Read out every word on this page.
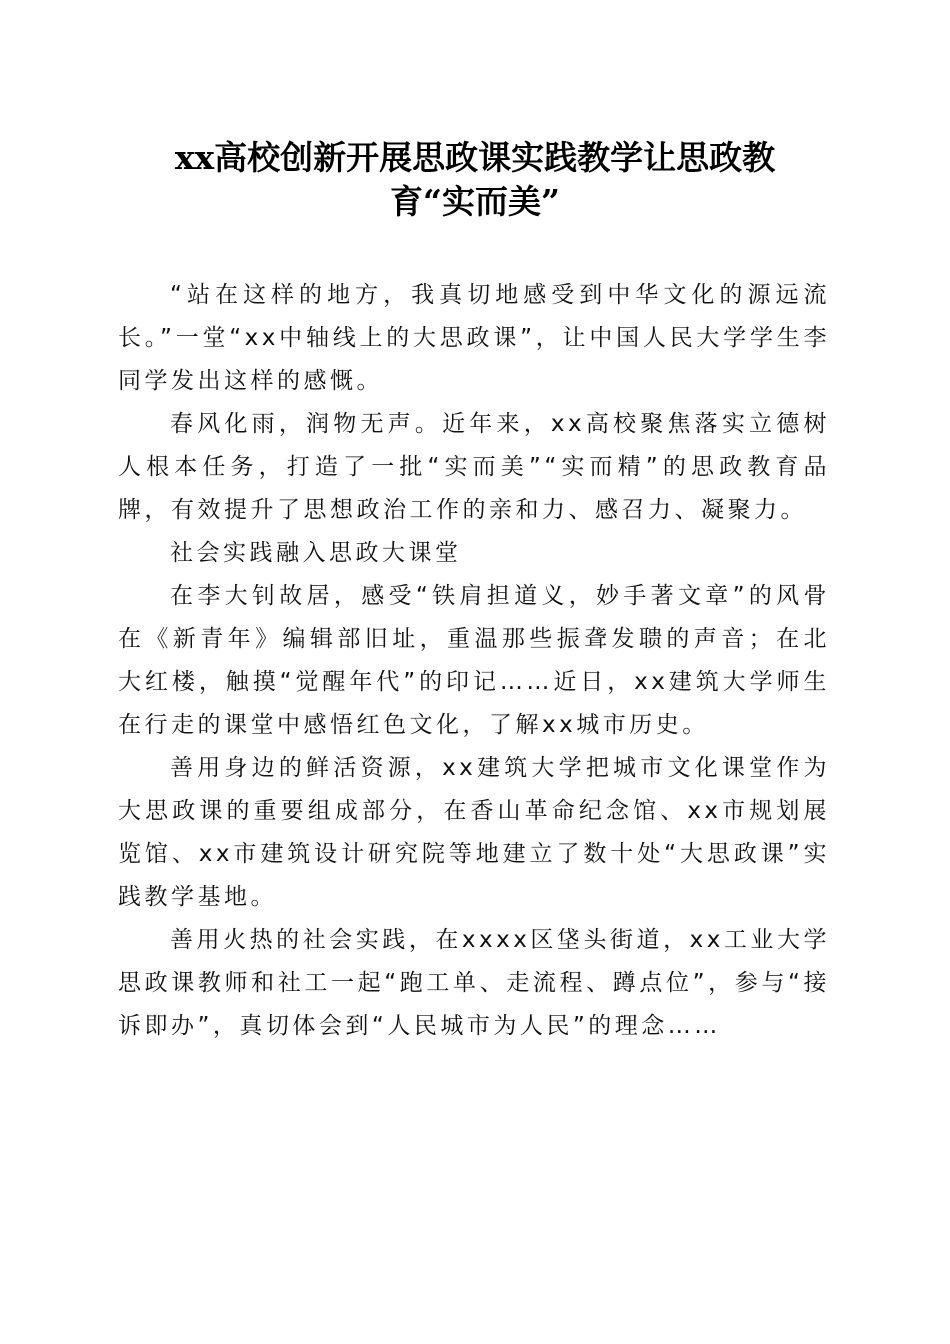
xx高校创新开展思政课实践教学让思政教
育“实而美”

“站在这样的地方，我真切地感受到中华文化的源远流长。”一堂“xx中轴线上的大思政课”，让中国人民大学学生李同学发出这样的感慨。

春风化雨，润物无声。近年来，xx高校聚焦落实立德树人根本任务，打造了一批“实而美”“实而精”的思政教育品牌，有效提升了思想政治工作的亲和力、感召力、凝聚力。

社会实践融入思政大课堂

在李大钊故居，感受“铁肩担道义，妙手著文章”的风骨在《新青年》编辑部旧址，重温那些振聋发聩的声音；在北大红楼，触摸“觉醒年代”的印记……近日，xx建筑大学师生在行走的课堂中感悟红色文化，了解xx城市历史。

善用身边的鲜活资源，xx建筑大学把城市文化课堂作为大思政课的重要组成部分，在香山革命纪念馆、xx市规划展览馆、xx市建筑设计研究院等地建立了数十处“大思政课”实践教学基地。

善用火热的社会实践，在xxxx区垡头街道，xx工业大学思政课教师和社工一起“跑工单、走流程、蹲点位”，参与“接诉即办”，真切体会到“人民城市为人民”的理念……
